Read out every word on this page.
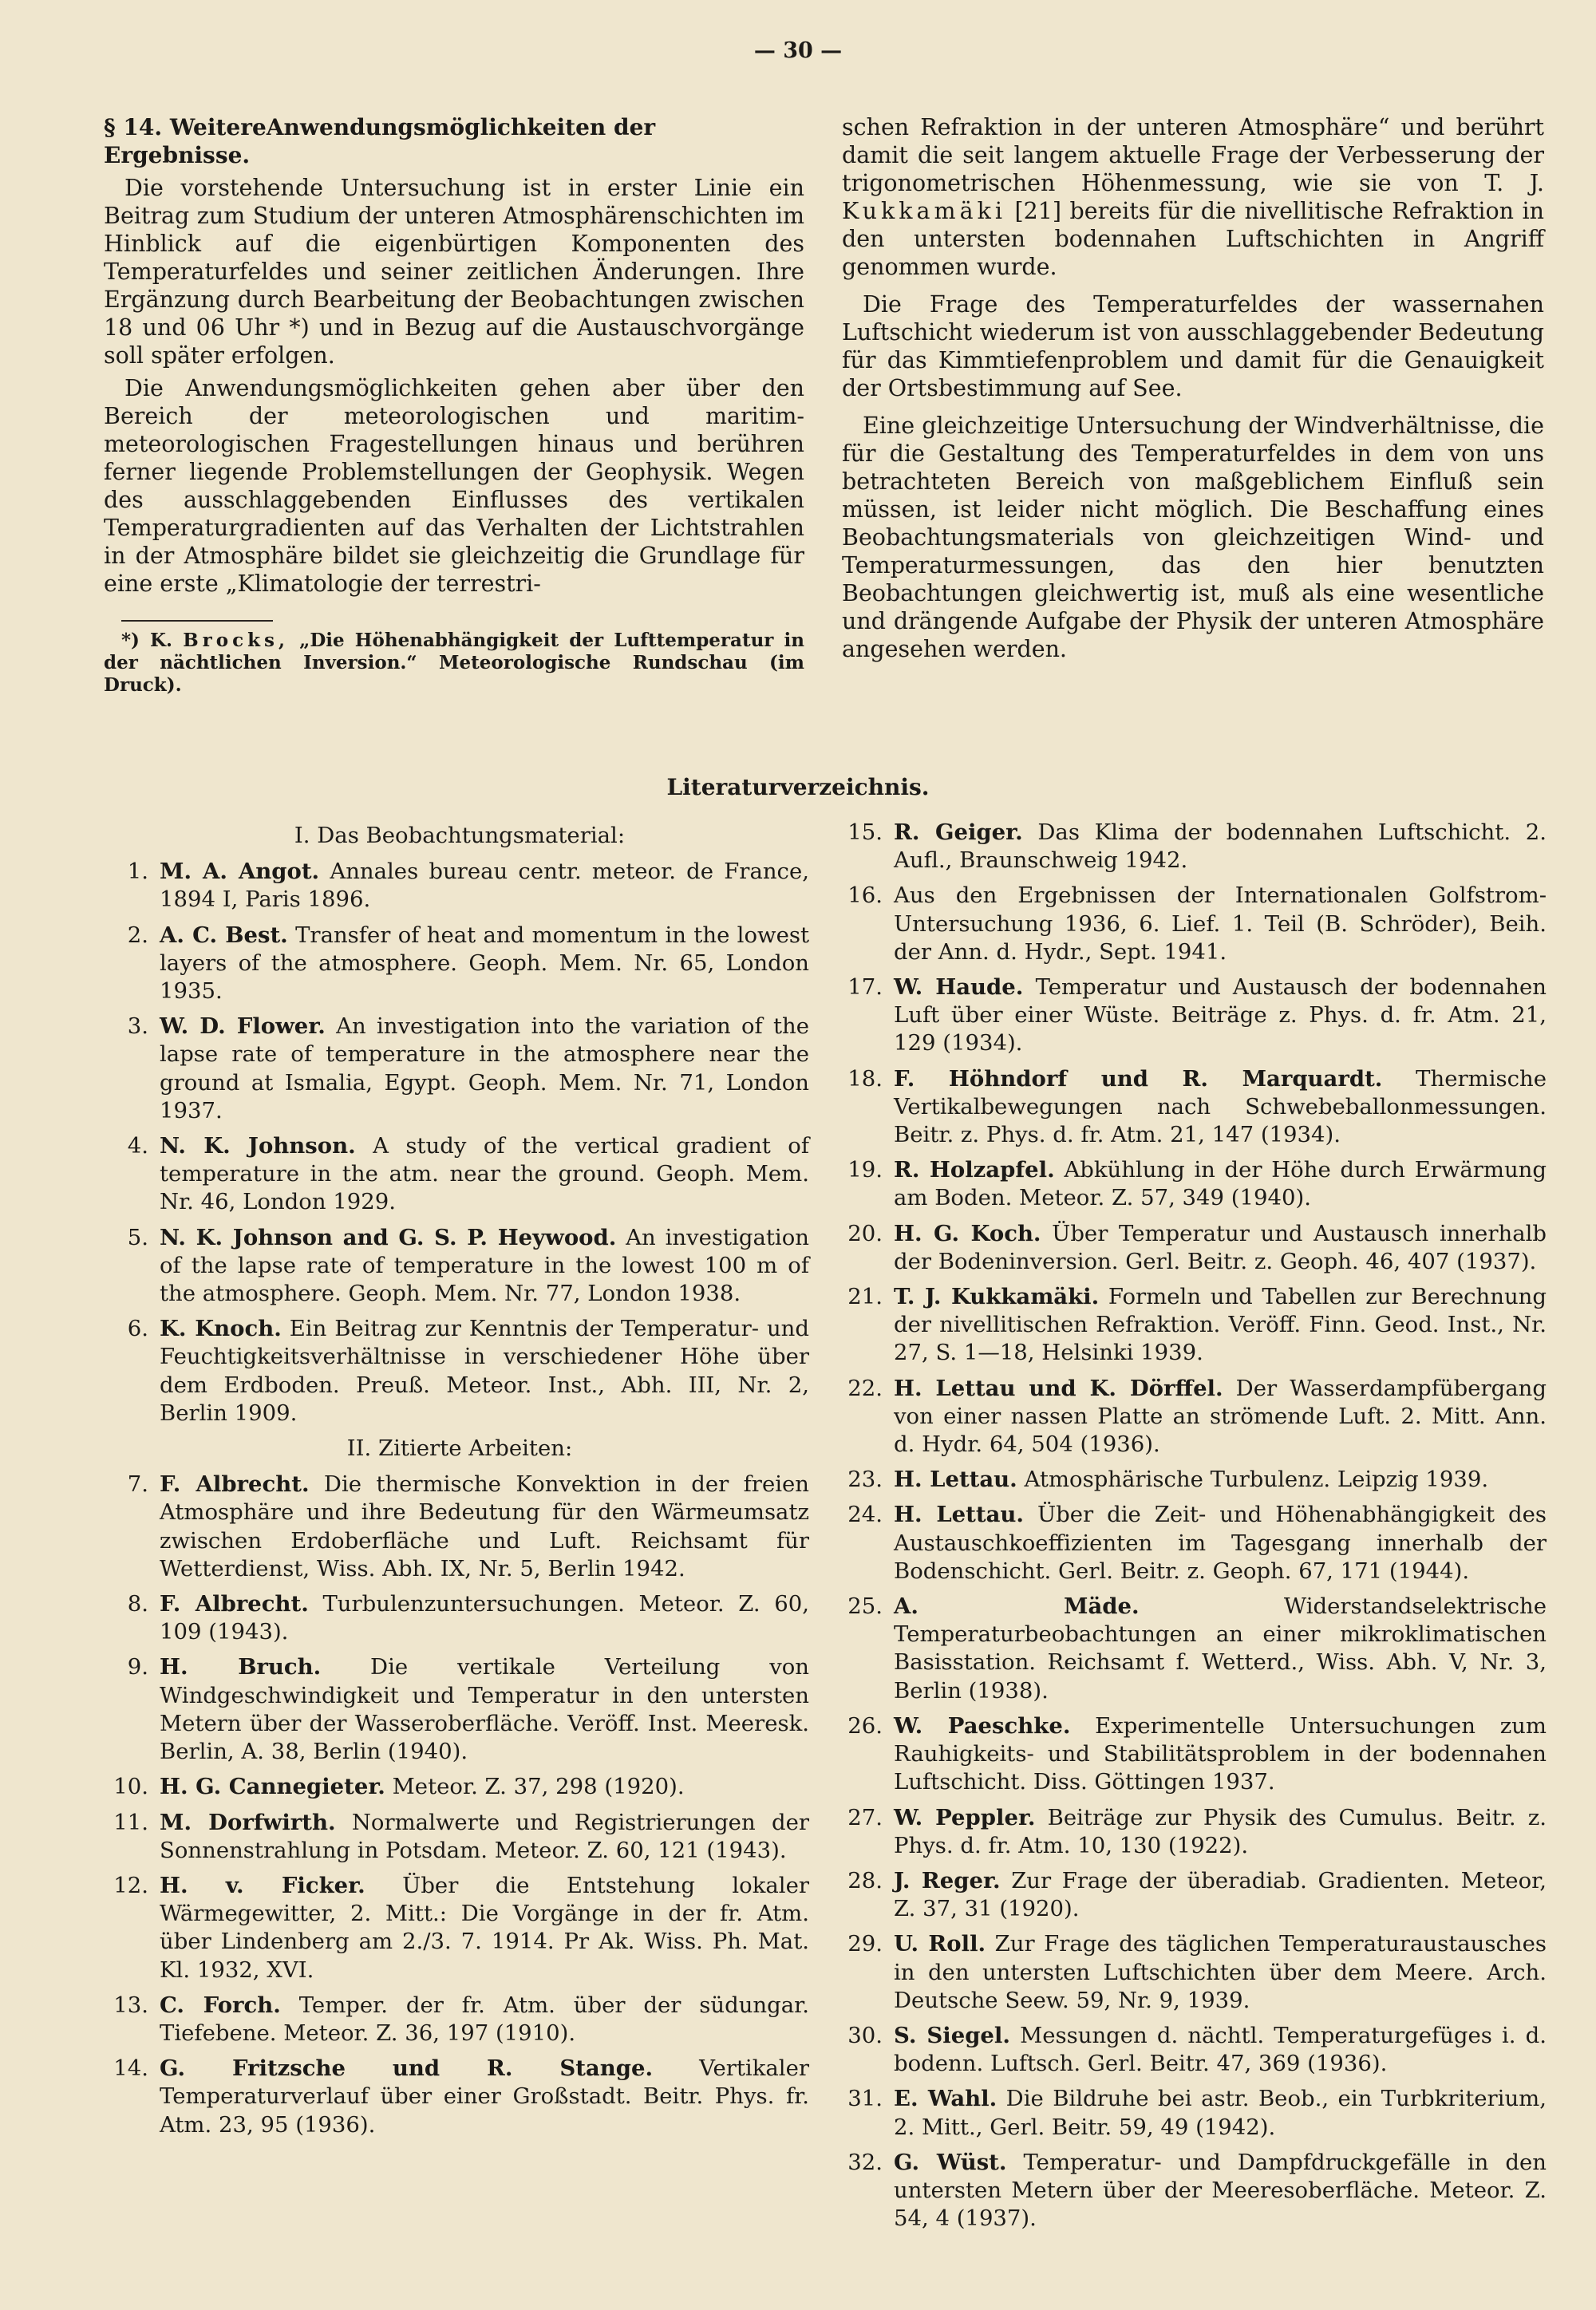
— 30 —
§ 14. WeitereAnwendungsmöglichkeiten der Ergebnisse.

Die vorstehende Untersuchung ist in erster Linie ein Beitrag zum Studium der unteren Atmosphärenschichten im Hinblick auf die eigenbürtigen Komponenten des Temperaturfeldes und seiner zeitlichen Änderungen. Ihre Ergänzung durch Bearbeitung der Beobachtungen zwischen 18 und 06 Uhr *) und in Bezug auf die Austauschvorgänge soll später erfolgen.

Die Anwendungsmöglichkeiten gehen aber über den Bereich der meteorologischen und maritim-meteorologischen Fragestellungen hinaus und berühren ferner liegende Problemstellungen der Geophysik. Wegen des ausschlaggebenden Einflusses des vertikalen Temperaturgradienten auf das Verhalten der Lichtstrahlen in der Atmosphäre bildet sie gleichzeitig die Grundlage für eine erste „Klimatologie der terrestri-

*) K. Brocks, „Die Höhenabhängigkeit der Lufttemperatur in der nächtlichen Inversion.“ Meteorologische Rundschau (im Druck).

schen Refraktion in der unteren Atmosphäre“ und berührt damit die seit langem aktuelle Frage der Verbesserung der trigonometrischen Höhenmessung, wie sie von T. J. Kukkamäki [21] bereits für die nivellitische Refraktion in den untersten bodennahen Luftschichten in Angriff genommen wurde.

Die Frage des Temperaturfeldes der wassernahen Luftschicht wiederum ist von ausschlaggebender Bedeutung für das Kimmtiefenproblem und damit für die Genauigkeit der Ortsbestimmung auf See.

Eine gleichzeitige Untersuchung der Windverhältnisse, die für die Gestaltung des Temperaturfeldes in dem von uns betrachteten Bereich von maßgeblichem Einfluß sein müssen, ist leider nicht möglich. Die Beschaffung eines Beobachtungsmaterials von gleichzeitigen Wind- und Temperaturmessungen, das den hier benutzten Beobachtungen gleichwertig ist, muß als eine wesentliche und drängende Aufgabe der Physik der unteren Atmosphäre angesehen werden.

Literaturverzeichnis.
I. Das Beobachtungsmaterial:
1. M. A. Angot. Annales bureau centr. meteor. de France, 1894 I, Paris 1896.
2. A. C. Best. Transfer of heat and momentum in the lowest layers of the atmosphere. Geoph. Mem. Nr. 65, London 1935.
3. W. D. Flower. An investigation into the variation of the lapse rate of temperature in the atmosphere near the ground at Ismalia, Egypt. Geoph. Mem. Nr. 71, London 1937.
4. N. K. Johnson. A study of the vertical gradient of temperature in the atm. near the ground. Geoph. Mem. Nr. 46, London 1929.
5. N. K. Johnson and G. S. P. Heywood. An investigation of the lapse rate of temperature in the lowest 100 m of the atmosphere. Geoph. Mem. Nr. 77, London 1938.
6. K. Knoch. Ein Beitrag zur Kenntnis der Temperatur- und Feuchtigkeitsverhältnisse in verschiedener Höhe über dem Erdboden. Preuß. Meteor. Inst., Abh. III, Nr. 2, Berlin 1909.
II. Zitierte Arbeiten:
7. F. Albrecht. Die thermische Konvektion in der freien Atmosphäre und ihre Bedeutung für den Wärmeumsatz zwischen Erdoberfläche und Luft. Reichsamt für Wetterdienst, Wiss. Abh. IX, Nr. 5, Berlin 1942.
8. F. Albrecht. Turbulenzuntersuchungen. Meteor. Z. 60, 109 (1943).
9. H. Bruch. Die vertikale Verteilung von Windgeschwindigkeit und Temperatur in den untersten Metern über der Wasseroberfläche. Veröff. Inst. Meeresk. Berlin, A. 38, Berlin (1940).
10. H. G. Cannegieter. Meteor. Z. 37, 298 (1920).
11. M. Dorfwirth. Normalwerte und Registrierungen der Sonnenstrahlung in Potsdam. Meteor. Z. 60, 121 (1943).
12. H. v. Ficker. Über die Entstehung lokaler Wärmegewitter, 2. Mitt.: Die Vorgänge in der fr. Atm. über Lindenberg am 2./3. 7. 1914. Pr Ak. Wiss. Ph. Mat. Kl. 1932, XVI.
13. C. Forch. Temper. der fr. Atm. über der südungar. Tiefebene. Meteor. Z. 36, 197 (1910).
14. G. Fritzsche und R. Stange. Vertikaler Temperaturverlauf über einer Großstadt. Beitr. Phys. fr. Atm. 23, 95 (1936).
15. R. Geiger. Das Klima der bodennahen Luftschicht. 2. Aufl., Braunschweig 1942.
16. Aus den Ergebnissen der Internationalen Golfstrom-Untersuchung 1936, 6. Lief. 1. Teil (B. Schröder), Beih. der Ann. d. Hydr., Sept. 1941.
17. W. Haude. Temperatur und Austausch der bodennahen Luft über einer Wüste. Beiträge z. Phys. d. fr. Atm. 21, 129 (1934).
18. F. Höhndorf und R. Marquardt. Thermische Vertikalbewegungen nach Schwebeballonmessungen. Beitr. z. Phys. d. fr. Atm. 21, 147 (1934).
19. R. Holzapfel. Abkühlung in der Höhe durch Erwärmung am Boden. Meteor. Z. 57, 349 (1940).
20. H. G. Koch. Über Temperatur und Austausch innerhalb der Bodeninversion. Gerl. Beitr. z. Geoph. 46, 407 (1937).
21. T. J. Kukkamäki. Formeln und Tabellen zur Berechnung der nivellitischen Refraktion. Veröff. Finn. Geod. Inst., Nr. 27, S. 1—18, Helsinki 1939.
22. H. Lettau und K. Dörffel. Der Wasserdampfübergang von einer nassen Platte an strömende Luft. 2. Mitt. Ann. d. Hydr. 64, 504 (1936).
23. H. Lettau. Atmosphärische Turbulenz. Leipzig 1939.
24. H. Lettau. Über die Zeit- und Höhenabhängigkeit des Austauschkoeffizienten im Tagesgang innerhalb der Bodenschicht. Gerl. Beitr. z. Geoph. 67, 171 (1944).
25. A. Mäde.	Widerstandselektrische Temperaturbeobachtungen an einer mikroklimatischen Basisstation. Reichsamt f. Wetterd., Wiss. Abh. V, Nr. 3, Berlin (1938).
26. W. Paeschke. Experimentelle Untersuchungen zum Rauhigkeits- und Stabilitätsproblem in der bodennahen Luftschicht. Diss. Göttingen 1937.
27. W. Peppler. Beiträge zur Physik des Cumulus. Beitr. z. Phys. d. fr. Atm. 10, 130 (1922).
28. J. Reger. Zur Frage der überadiab. Gradienten. Meteor, Z. 37, 31 (1920).
29. U. Roll. Zur Frage des täglichen Temperaturaustausches in den untersten Luftschichten über dem Meere. Arch. Deutsche Seew. 59, Nr. 9, 1939.
30. S. Siegel. Messungen d. nächtl. Temperaturgefüges i. d. bodenn. Luftsch. Gerl. Beitr. 47, 369 (1936).
31. E. Wahl. Die Bildruhe bei astr. Beob., ein Turbkriterium, 2. Mitt., Gerl. Beitr. 59, 49 (1942).
32. G. Wüst. Temperatur- und Dampfdruckgefälle in den untersten Metern über der Meeresoberfläche. Meteor. Z. 54, 4 (1937).
